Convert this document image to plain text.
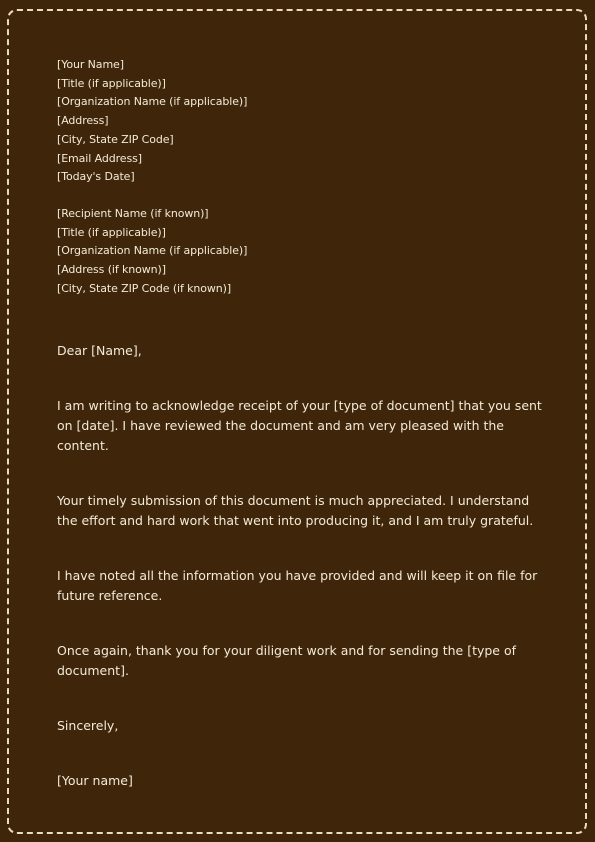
[Your Name]
[Title (if applicable)]
[Organization Name (if applicable)]
[Address]
[City, State ZIP Code]
[Email Address]
[Today's Date]
[Recipient Name (if known)]
[Title (if applicable)]
[Organization Name (if applicable)]
[Address (if known)]
[City, State ZIP Code (if known)]

Dear [Name],

I am writing to acknowledge receipt of your [type of document] that you sent on [date]. I have reviewed the document and am very pleased with the content.

Your timely submission of this document is much appreciated. I understand the effort and hard work that went into producing it, and I am truly grateful.

I have noted all the information you have provided and will keep it on file for future reference.

Once again, thank you for your diligent work and for sending the [type of document].

Sincerely,

[Your name]
